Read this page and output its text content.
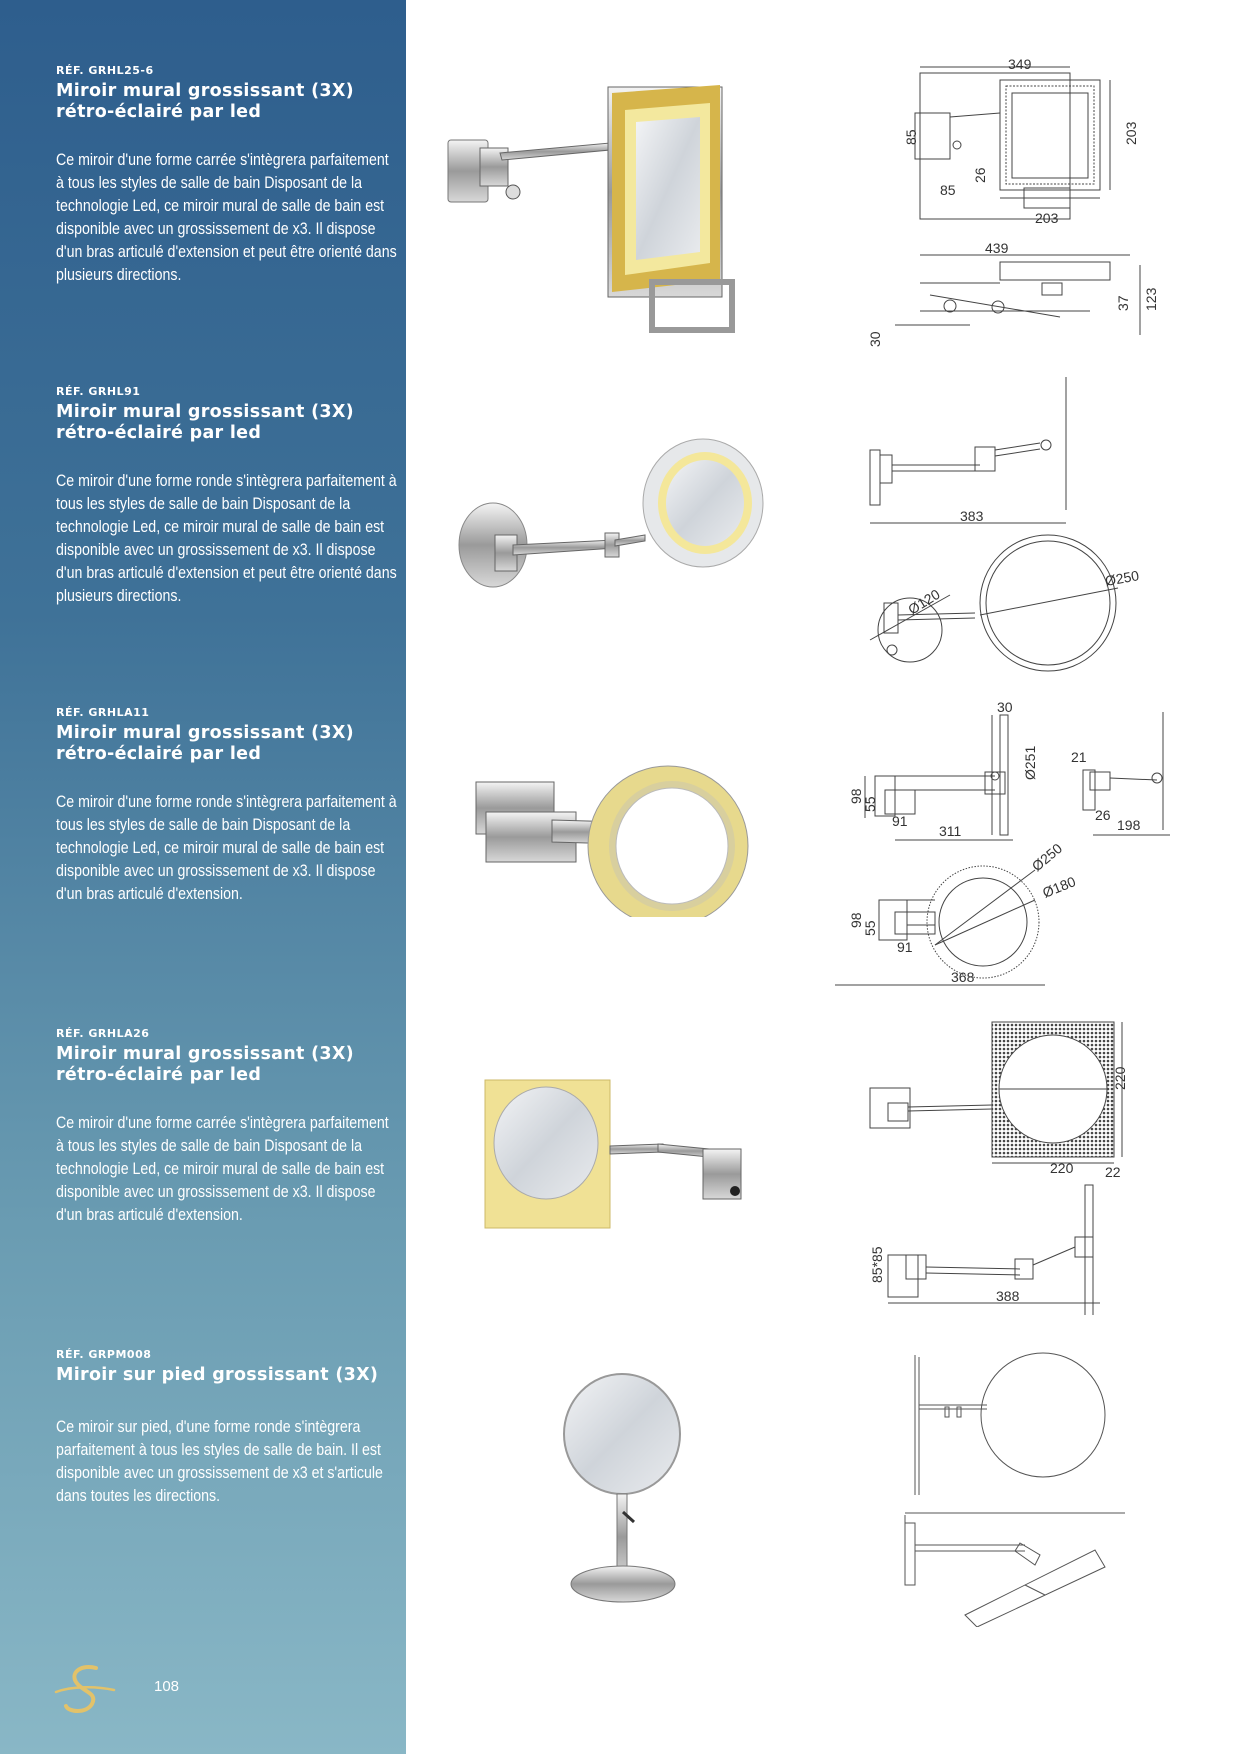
RÉF. GRHL25-6
Miroir mural grossissant (3X) rétro-éclairé par led
Ce miroir d'une forme carrée s'intègrera parfaitement à tous les styles de salle de bain Disposant de la technologie Led, ce miroir mural de salle de bain est disponible avec un grossissement de x3. Il dispose d'un bras articulé d'extension et peut être orienté dans plusieurs directions.
RÉF. GRHL91
Miroir mural grossissant (3X) rétro-éclairé par led
Ce miroir d'une forme ronde s'intègrera parfaitement à tous les styles de salle de bain Disposant de la technologie Led, ce miroir mural de salle de bain est disponible avec un grossissement de x3. Il dispose d'un bras articulé d'extension et peut être orienté dans plusieurs directions.
RÉF. GRHLA11
Miroir mural grossissant (3X) rétro-éclairé par led
Ce miroir d'une forme ronde s'intègrera parfaitement à tous les styles de salle de bain Disposant de la technologie Led, ce miroir mural de salle de bain est disponible avec un grossissement de x3. Il dispose d'un bras articulé d'extension.
RÉF. GRHLA26
Miroir mural grossissant (3X) rétro-éclairé par led
Ce miroir d'une forme carrée s'intègrera parfaitement à tous les styles de salle de bain Disposant de la technologie Led, ce miroir mural de salle de bain est disponible avec un grossissement de x3. Il dispose d'un bras articulé d'extension.
RÉF. GRPM008
Miroir sur pied grossissant (3X)
Ce miroir sur pied, d'une forme ronde s'intègrera parfaitement à tous les styles de salle de bain. Il est disponible avec un grossissement de x3 et s'articule dans toutes les directions.
108
349
85
26
85
203
203
439
30
37 123
383
Ø120
Ø250
30
Ø251
98
55
91
311
21
26
198
Ø250
Ø180
98
55
91
368
220
220 22
85*85
388
